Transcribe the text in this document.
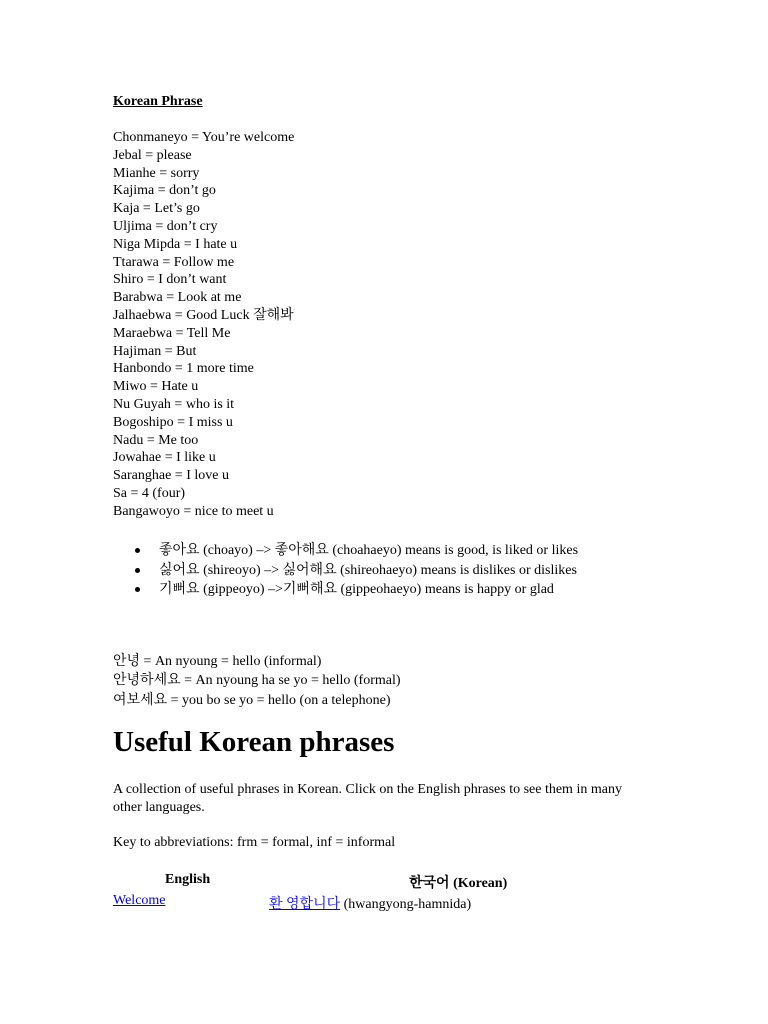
Korean Phrase
Chonmaneyo = You’re welcome
Jebal = please
Mianhe = sorry
Kajima = don’t go
Kaja = Let’s go
Uljima = don’t cry
Niga Mipda = I hate u
Ttarawa = Follow me
Shiro = I don’t want
Barabwa = Look at me
Jalhaebwa = Good Luck 잘해봐
Maraebwa = Tell Me
Hajiman = But
Hanbondo = 1 more time
Miwo = Hate u
Nu Guyah = who is it
Bogoshipo = I miss u
Nadu = Me too
Jowahae = I like u
Saranghae = I love u
Sa = 4 (four)
Bangawoyo = nice to meet u
좋아요 (choayo) –> 좋아해요 (choahaeyo) means is good, is liked or likes
싫어요 (shireoyo) –> 싫어해요 (shireohaeyo) means is dislikes or dislikes
기뻐요 (gippeoyo) –>기뻐해요 (gippeohaeyo) means is happy or glad
안녕 = An nyoung = hello (informal)
안녕하세요 = An nyoung ha se yo = hello (formal)
여보세요 = you bo se yo = hello (on a telephone)
Useful Korean phrases

A collection of useful phrases in Korean. Click on the English phrases to see them in many other languages.

Key to abbreviations: frm = formal, inf = informal

English	한국어 (Korean)
Welcome	환 영합니다 (hwangyong-hamnida)
